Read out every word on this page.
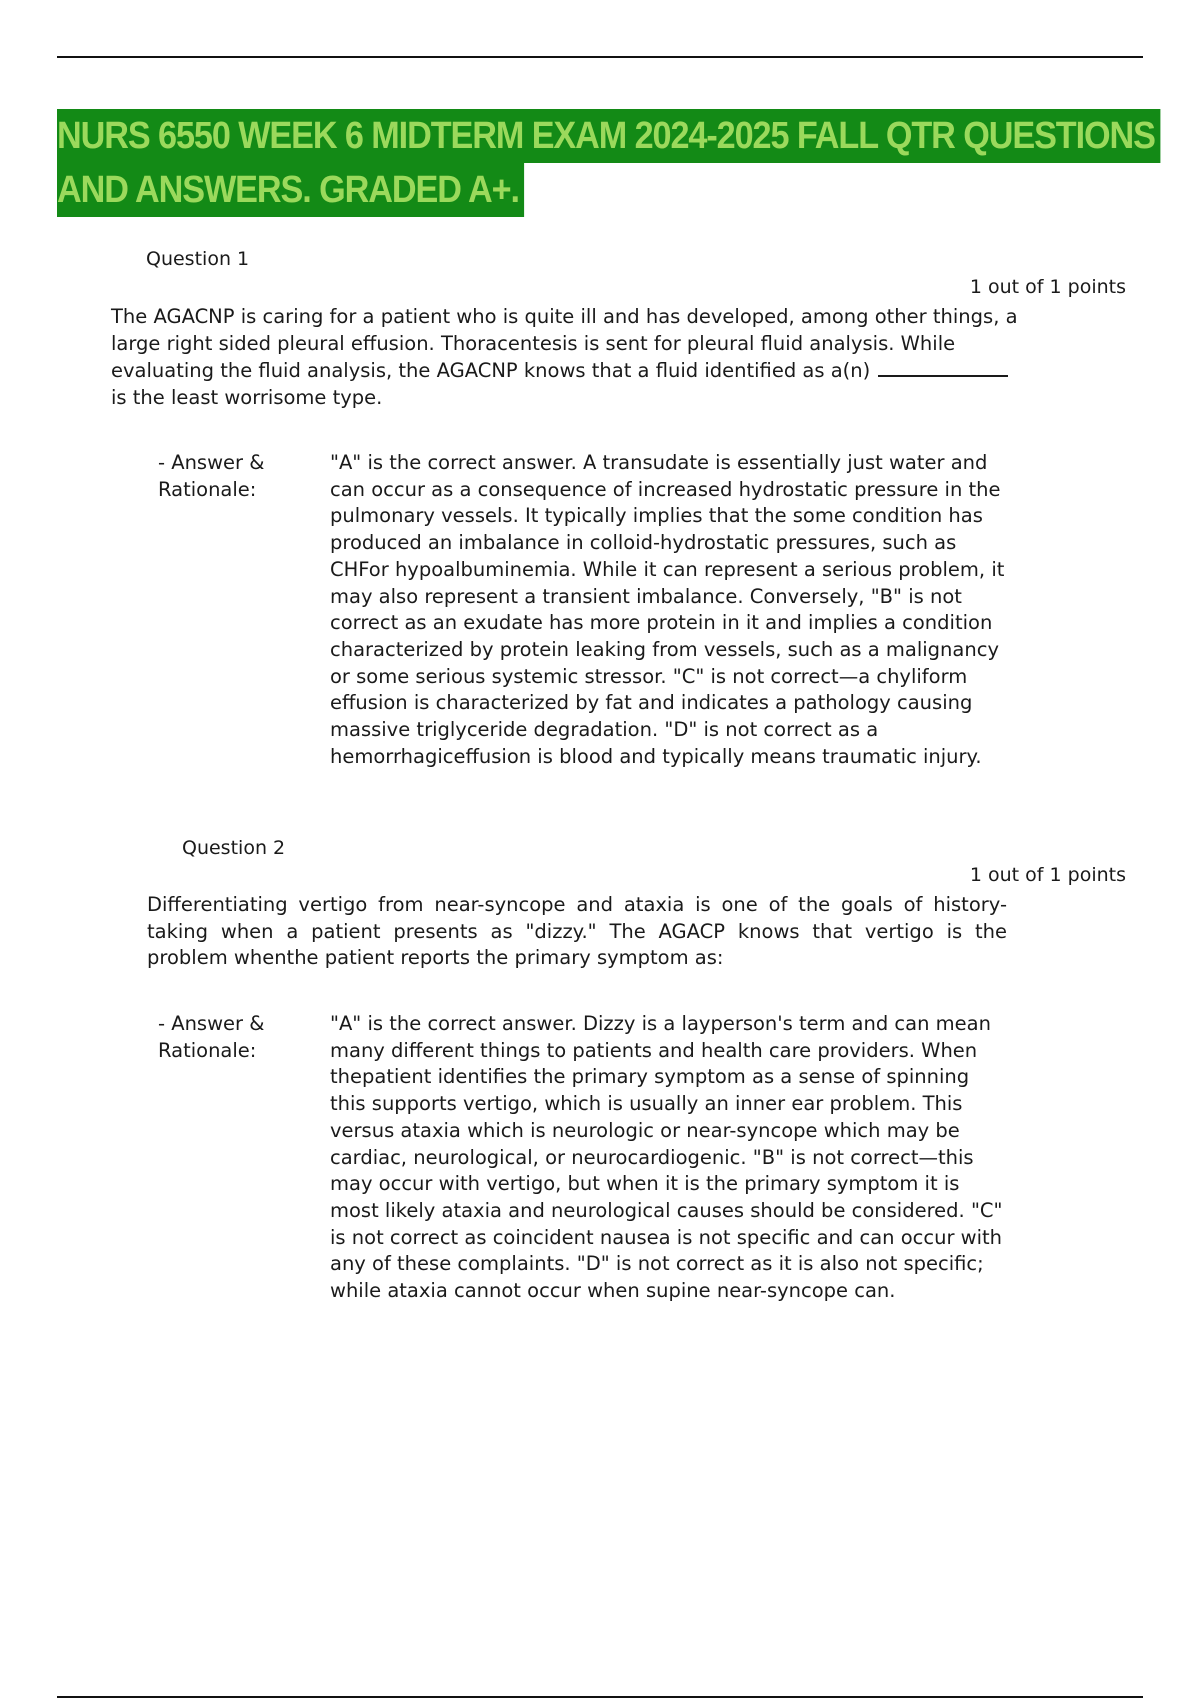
NURS 6550 WEEK 6 MIDTERM EXAM 2024-2025 FALL QTR QUESTIONS
AND ANSWERS. GRADED A+.
Question 1
1 out of 1 points
The AGACNP is caring for a patient who is quite ill and has developed, among other things, a large right sided pleural effusion. Thoracentesis is sent for pleural fluid analysis. While evaluating the fluid analysis, the AGACNP knows that a fluid identified as a(n)
is the least worrisome type.
- Answer & Rationale:
"A" is the correct answer. A transudate is essentially just water and can occur as a consequence of increased hydrostatic pressure in the pulmonary vessels. It typically implies that the some condition has produced an imbalance in colloid-hydrostatic pressures, such as CHFor hypoalbuminemia. While it can represent a serious problem, it may also represent a transient imbalance. Conversely, "B" is not correct as an exudate has more protein in it and implies a condition characterized by protein leaking from vessels, such as a malignancy or some serious systemic stressor. "C" is not correct—a chyliform effusion is characterized by fat and indicates a pathology causing massive triglyceride degradation. "D" is not correct as a hemorrhagiceffusion is blood and typically means traumatic injury.
Question 2
1 out of 1 points
Differentiating vertigo from near-syncope and ataxia is one of the goals of history-taking when a patient presents as "dizzy." The AGACP knows that vertigo is the problem whenthe patient reports the primary symptom as:
- Answer & Rationale:
"A" is the correct answer. Dizzy is a layperson's term and can mean many different things to patients and health care providers. When thepatient identifies the primary symptom as a sense of spinning this supports vertigo, which is usually an inner ear problem. This versus ataxia which is neurologic or near-syncope which may be cardiac, neurological, or neurocardiogenic. "B" is not correct—this may occur with vertigo, but when it is the primary symptom it is most likely ataxia and neurological causes should be considered. "C" is not correct as coincident nausea is not specific and can occur with any of these complaints. "D" is not correct as it is also not specific; while ataxia cannot occur when supine near-syncope can.
